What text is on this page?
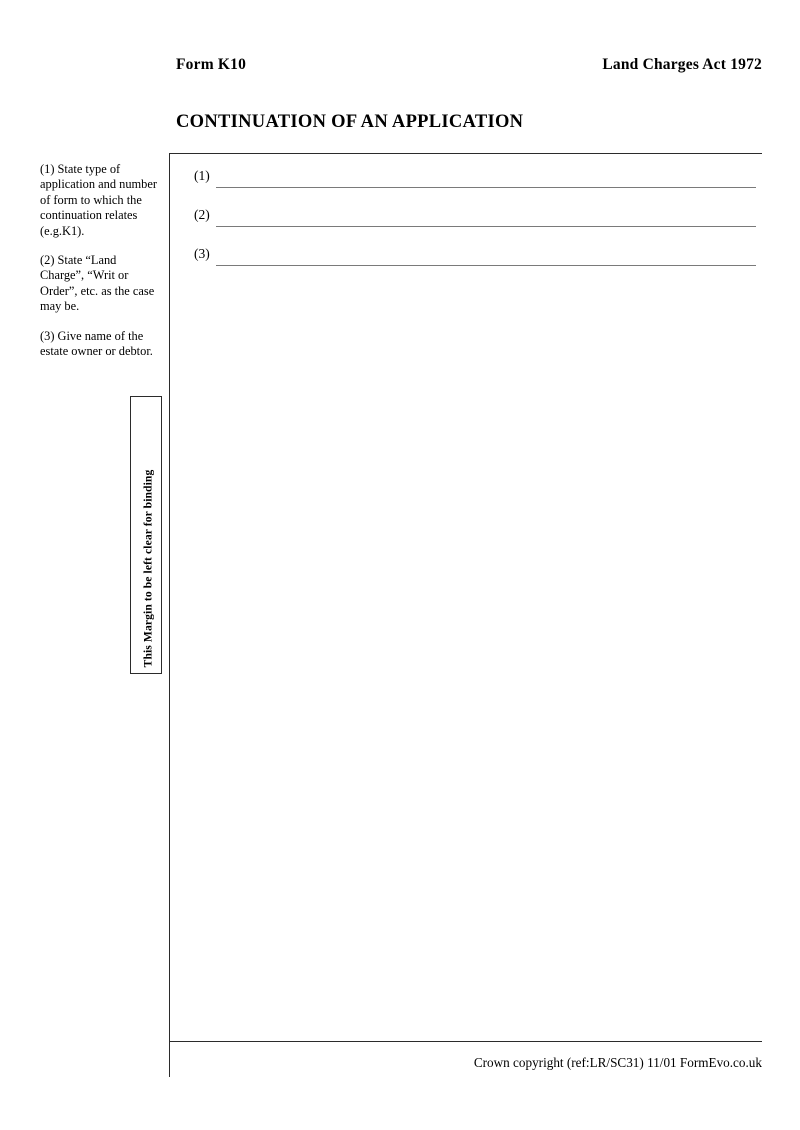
Form K10	Land Charges Act 1972
CONTINUATION OF AN APPLICATION
(1) State type of application and number of form to which the continuation relates (e.g.K1).
(2) State “Land Charge”, “Writ or Order”, etc. as the case may be.
(3) Give name of the estate owner or debtor.
This Margin to be left clear for binding
(1)
(2)
(3)
Crown copyright (ref:LR/SC31) 11/01 FormEvo.co.uk
